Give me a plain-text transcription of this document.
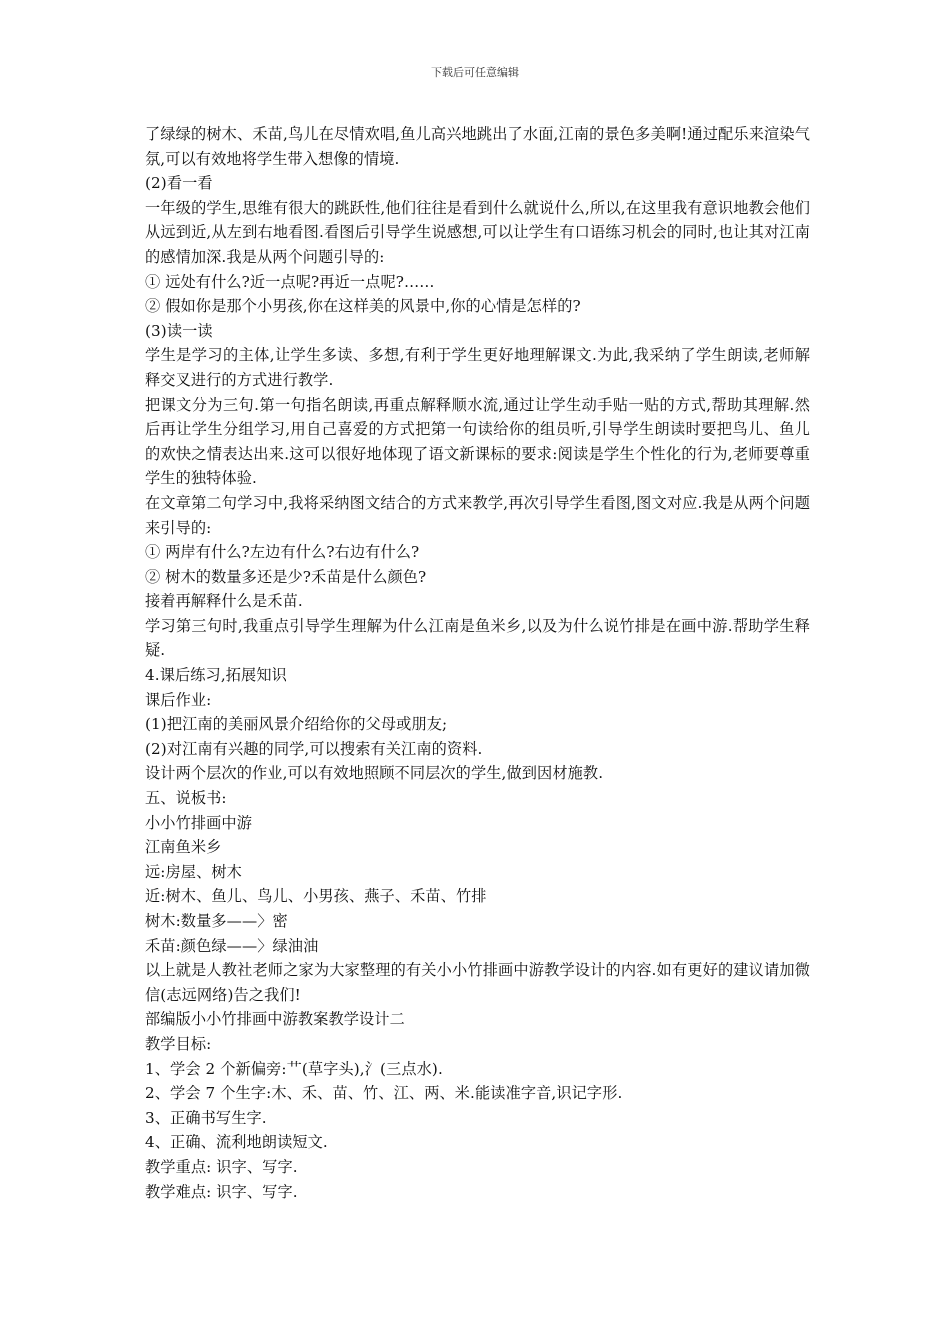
下载后可任意编辑

了绿绿的树木、禾苗,鸟儿在尽情欢唱,鱼儿高兴地跳出了水面,江南的景色多美啊!通过配乐来渲染气氛,可以有效地将学生带入想像的情境.

(2)看一看

一年级的学生,思维有很大的跳跃性,他们往往是看到什么就说什么,所以,在这里我有意识地教会他们从远到近,从左到右地看图.看图后引导学生说感想,可以让学生有口语练习机会的同时,也让其对江南的感情加深.我是从两个问题引导的:

① 远处有什么?近一点呢?再近一点呢?……

② 假如你是那个小男孩,你在这样美的风景中,你的心情是怎样的?

(3)读一读

学生是学习的主体,让学生多读、多想,有利于学生更好地理解课文.为此,我采纳了学生朗读,老师解释交叉进行的方式进行教学.

把课文分为三句.第一句指名朗读,再重点解释顺水流,通过让学生动手贴一贴的方式,帮助其理解.然后再让学生分组学习,用自己喜爱的方式把第一句读给你的组员听,引导学生朗读时要把鸟儿、鱼儿的欢快之情表达出来.这可以很好地体现了语文新课标的要求:阅读是学生个性化的行为,老师要尊重学生的独特体验.

在文章第二句学习中,我将采纳图文结合的方式来教学,再次引导学生看图,图文对应.我是从两个问题来引导的:

① 两岸有什么?左边有什么?右边有什么?

② 树木的数量多还是少?禾苗是什么颜色?

接着再解释什么是禾苗.

学习第三句时,我重点引导学生理解为什么江南是鱼米乡,以及为什么说竹排是在画中游.帮助学生释疑.

4.课后练习,拓展知识

课后作业:

(1)把江南的美丽风景介绍给你的父母或朋友;

(2)对江南有兴趣的同学,可以搜索有关江南的资料.

设计两个层次的作业,可以有效地照顾不同层次的学生,做到因材施教.

五、说板书:

小小竹排画中游

江南鱼米乡

远:房屋、树木

近:树木、鱼儿、鸟儿、小男孩、燕子、禾苗、竹排

树木:数量多——〉密

禾苗:颜色绿——〉绿油油

以上就是人教社老师之家为大家整理的有关小小竹排画中游教学设计的内容.如有更好的建议请加微信(志远网络)告之我们!

部编版小小竹排画中游教案教学设计二

教学目标:

1、学会 2 个新偏旁:艹(草字头),氵(三点水).

2、学会 7 个生字:木、禾、苗、竹、江、两、米.能读准字音,识记字形.

3、正确书写生字.

4、正确、流利地朗读短文.

教学重点: 识字、写字.

教学难点: 识字、写字.
